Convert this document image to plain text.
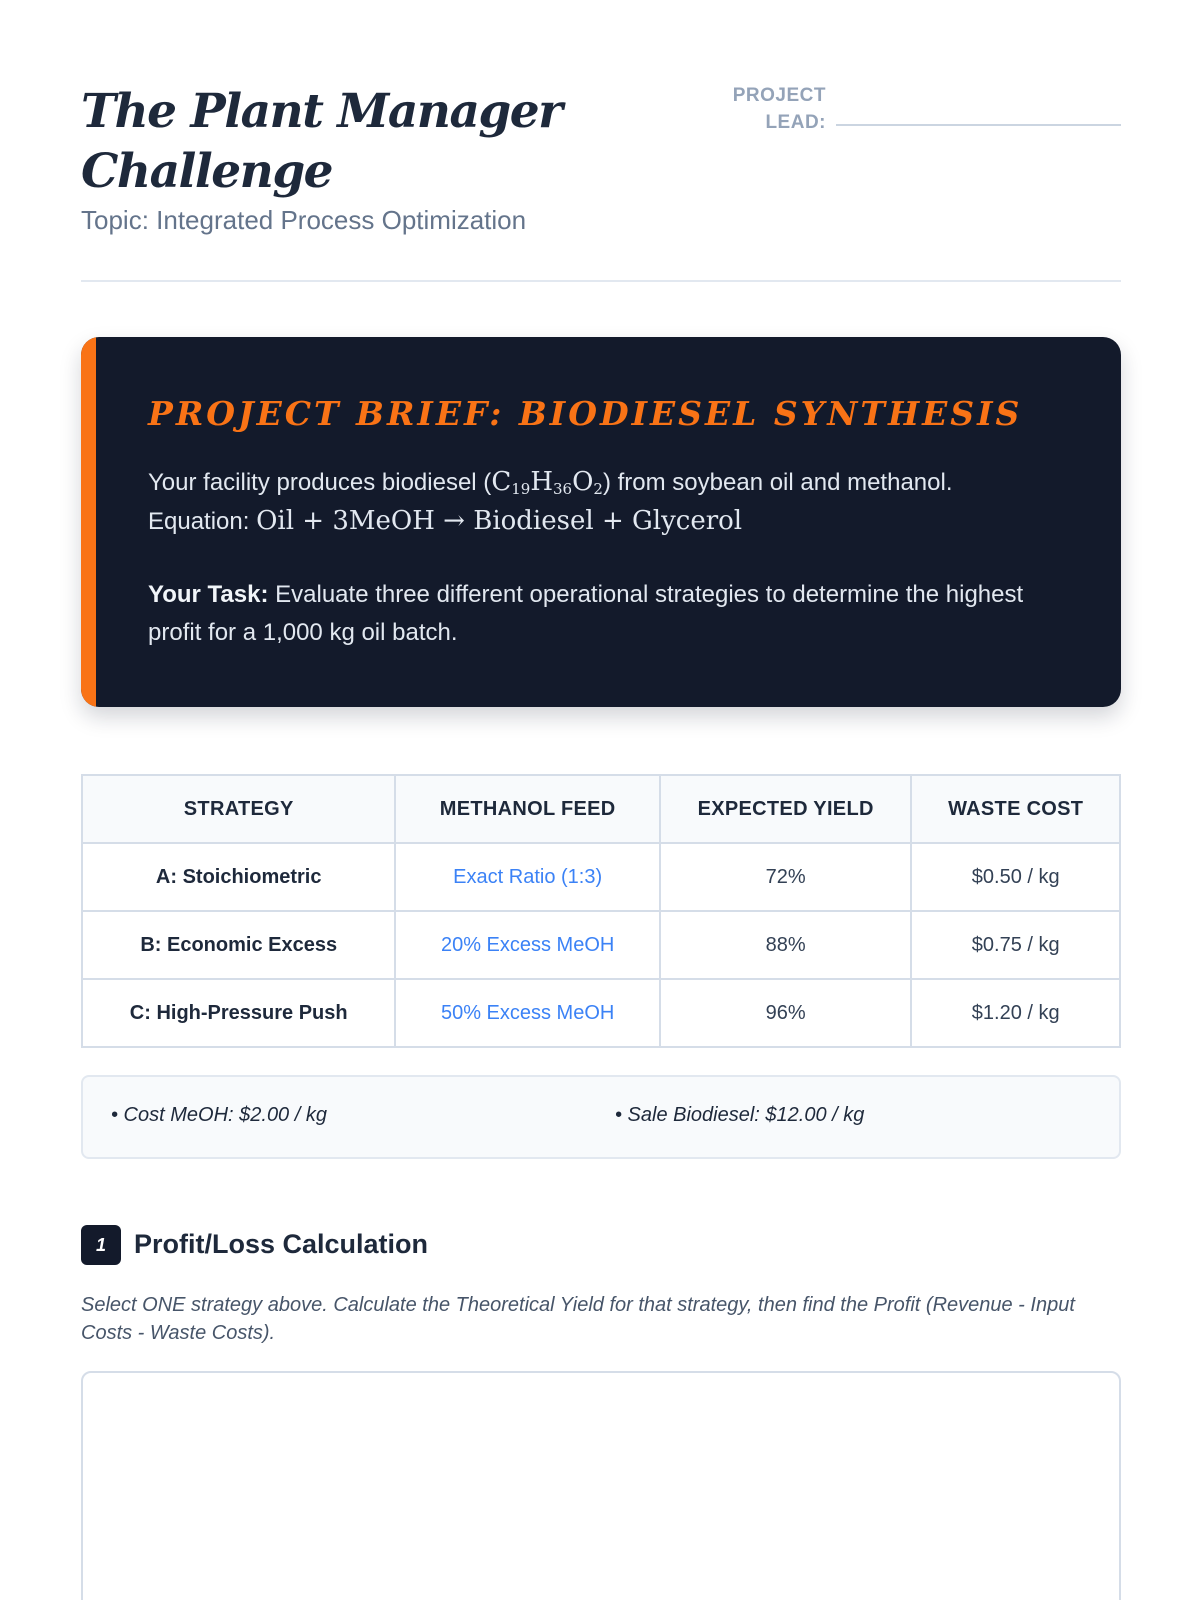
The Plant Manager Challenge
Topic: Integrated Process Optimization
PROJECT
LEAD:
PROJECT BRIEF: BIODIESEL SYNTHESIS
Your facility produces biodiesel $(C_{19}H_{36}O_2)$ from soybean oil and methanol.
Equation: Oil + 3MeOH → Biodiesel + Glycerol
Your Task: Evaluate three different operational strategies to determine the highest profit for a 1,000 kg oil batch.
STRATEGY	METHANOL FEED	EXPECTED YIELD	WASTE COST
A: Stoichiometric	Exact Ratio (1:3)	72%	$0.50 / kg
B: Economic Excess	20% Excess MeOH	88%	$0.75 / kg
C: High-Pressure Push	50% Excess MeOH	96%	$1.20 / kg
• Cost MeOH: $2.00 / kg	• Sale Biodiesel: $12.00 / kg
1	Profit/Loss Calculation
Select ONE strategy above. Calculate the Theoretical Yield for that strategy, then find the Profit (Revenue - Input Costs - Waste Costs).
